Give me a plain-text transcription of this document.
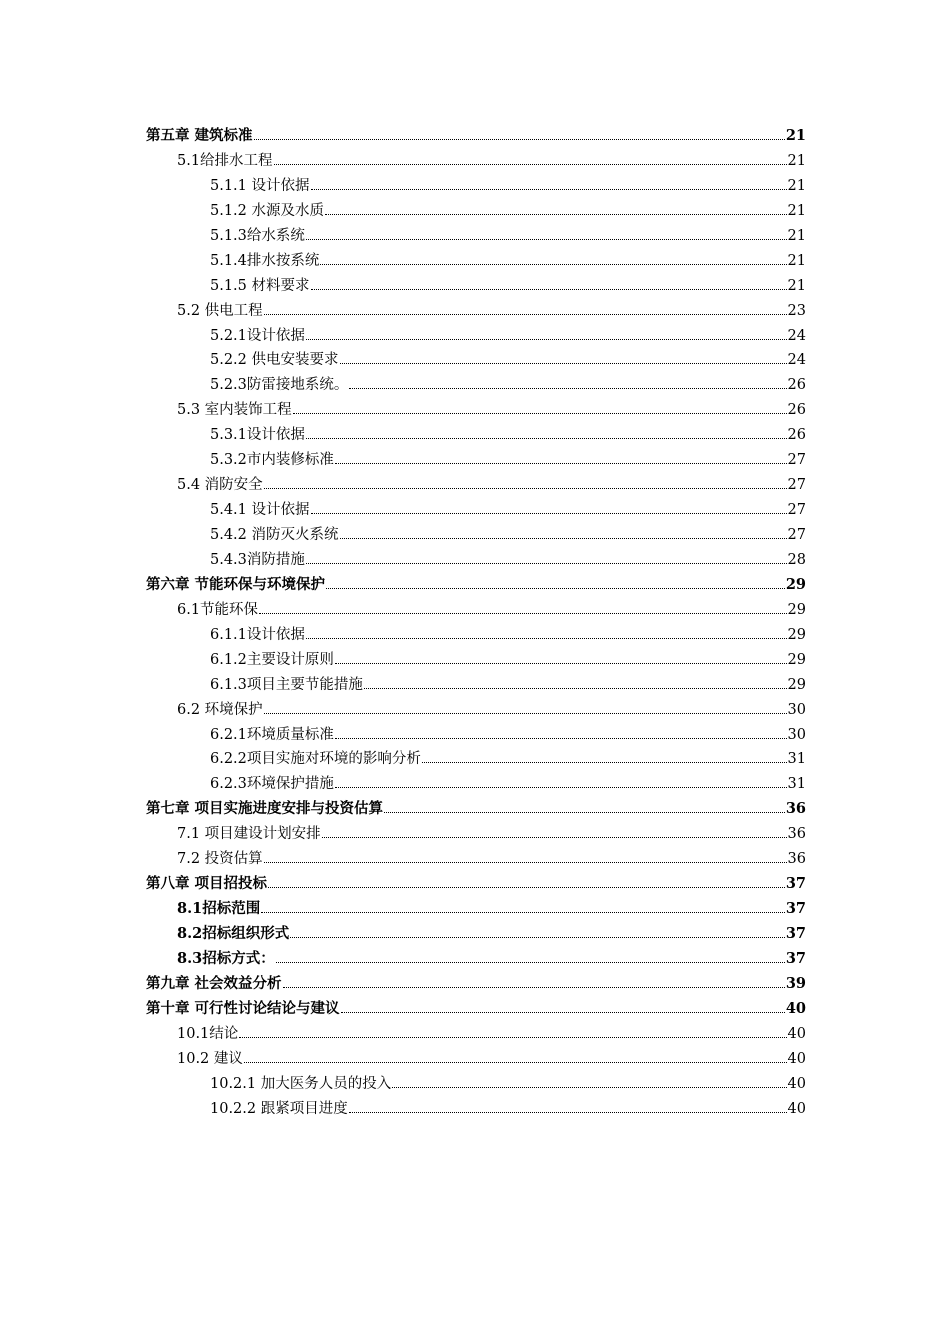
第五章 建筑标准	21
5.1给排水工程	21
5.1.1 设计依据	21
5.1.2 水源及水质	21
5.1.3给水系统	21
5.1.4排水按系统	21
5.1.5 材料要求	21
5.2 供电工程	23
5.2.1设计依据	24
5.2.2 供电安装要求	24
5.2.3防雷接地系统。	26
5.3 室内装饰工程	26
5.3.1设计依据	26
5.3.2市内装修标准	27
5.4 消防安全	27
5.4.1 设计依据	27
5.4.2 消防灭火系统	27
5.4.3消防措施	28
第六章 节能环保与环境保护	29
6.1节能环保	29
6.1.1设计依据	29
6.1.2主要设计原则	29
6.1.3项目主要节能措施	29
6.2 环境保护	30
6.2.1环境质量标准	30
6.2.2项目实施对环境的影响分析	31
6.2.3环境保护措施	31
第七章 项目实施进度安排与投资估算	36
7.1 项目建设计划安排	36
7.2 投资估算	36
第八章 项目招投标	37
8.1招标范围	37
8.2招标组织形式	37
8.3招标方式：	37
第九章 社会效益分析	39
第十章 可行性讨论结论与建议	40
10.1结论	40
10.2 建议	40
10.2.1 加大医务人员的投入	40
10.2.2 跟紧项目进度	40
